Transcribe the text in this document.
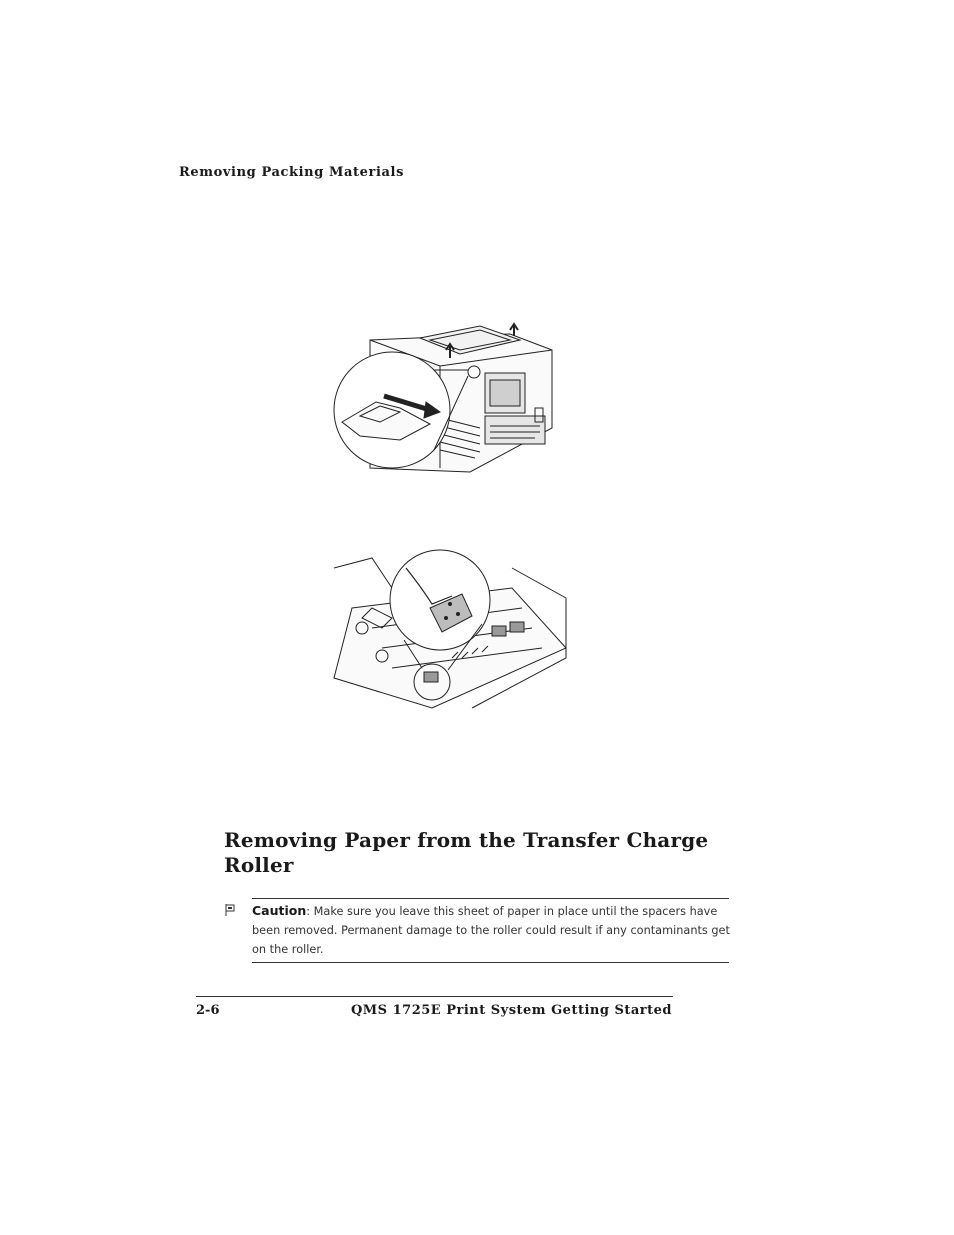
Removing Packing Materials
Removing Paper from the Transfer Charge Roller
Caution: Make sure you leave this sheet of paper in place until the spacers have been removed. Permanent damage to the roller could result if any contaminants get on the roller.
2-6	QMS 1725E Print System Getting Started
